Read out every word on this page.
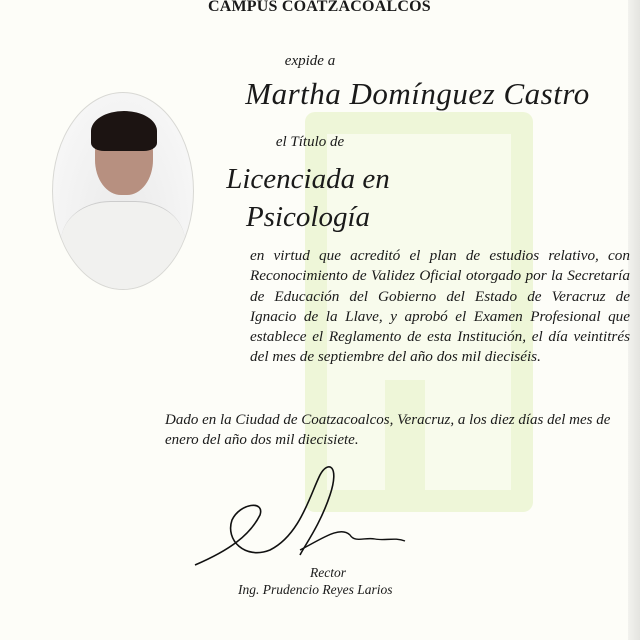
CAMPUS COATZACOALCOS
expide a
Martha Domínguez Castro
el Título de
Licenciada en
Psicología

en virtud que acreditó el plan de estudios relativo, con Reconocimiento de Validez Oficial otorgado por la Secretaría de Educación del Gobierno del Estado de Veracruz de Ignacio de la Llave, y aprobó el Examen Profesional que establece el Reglamento de esta Institución, el día veintitrés del mes de septiembre del año dos mil dieciséis.

Dado en la Ciudad de Coatzacoalcos, Veracruz, a los diez días del mes de enero del año dos mil diecisiete.
Rector
Ing. Prudencio Reyes Larios
